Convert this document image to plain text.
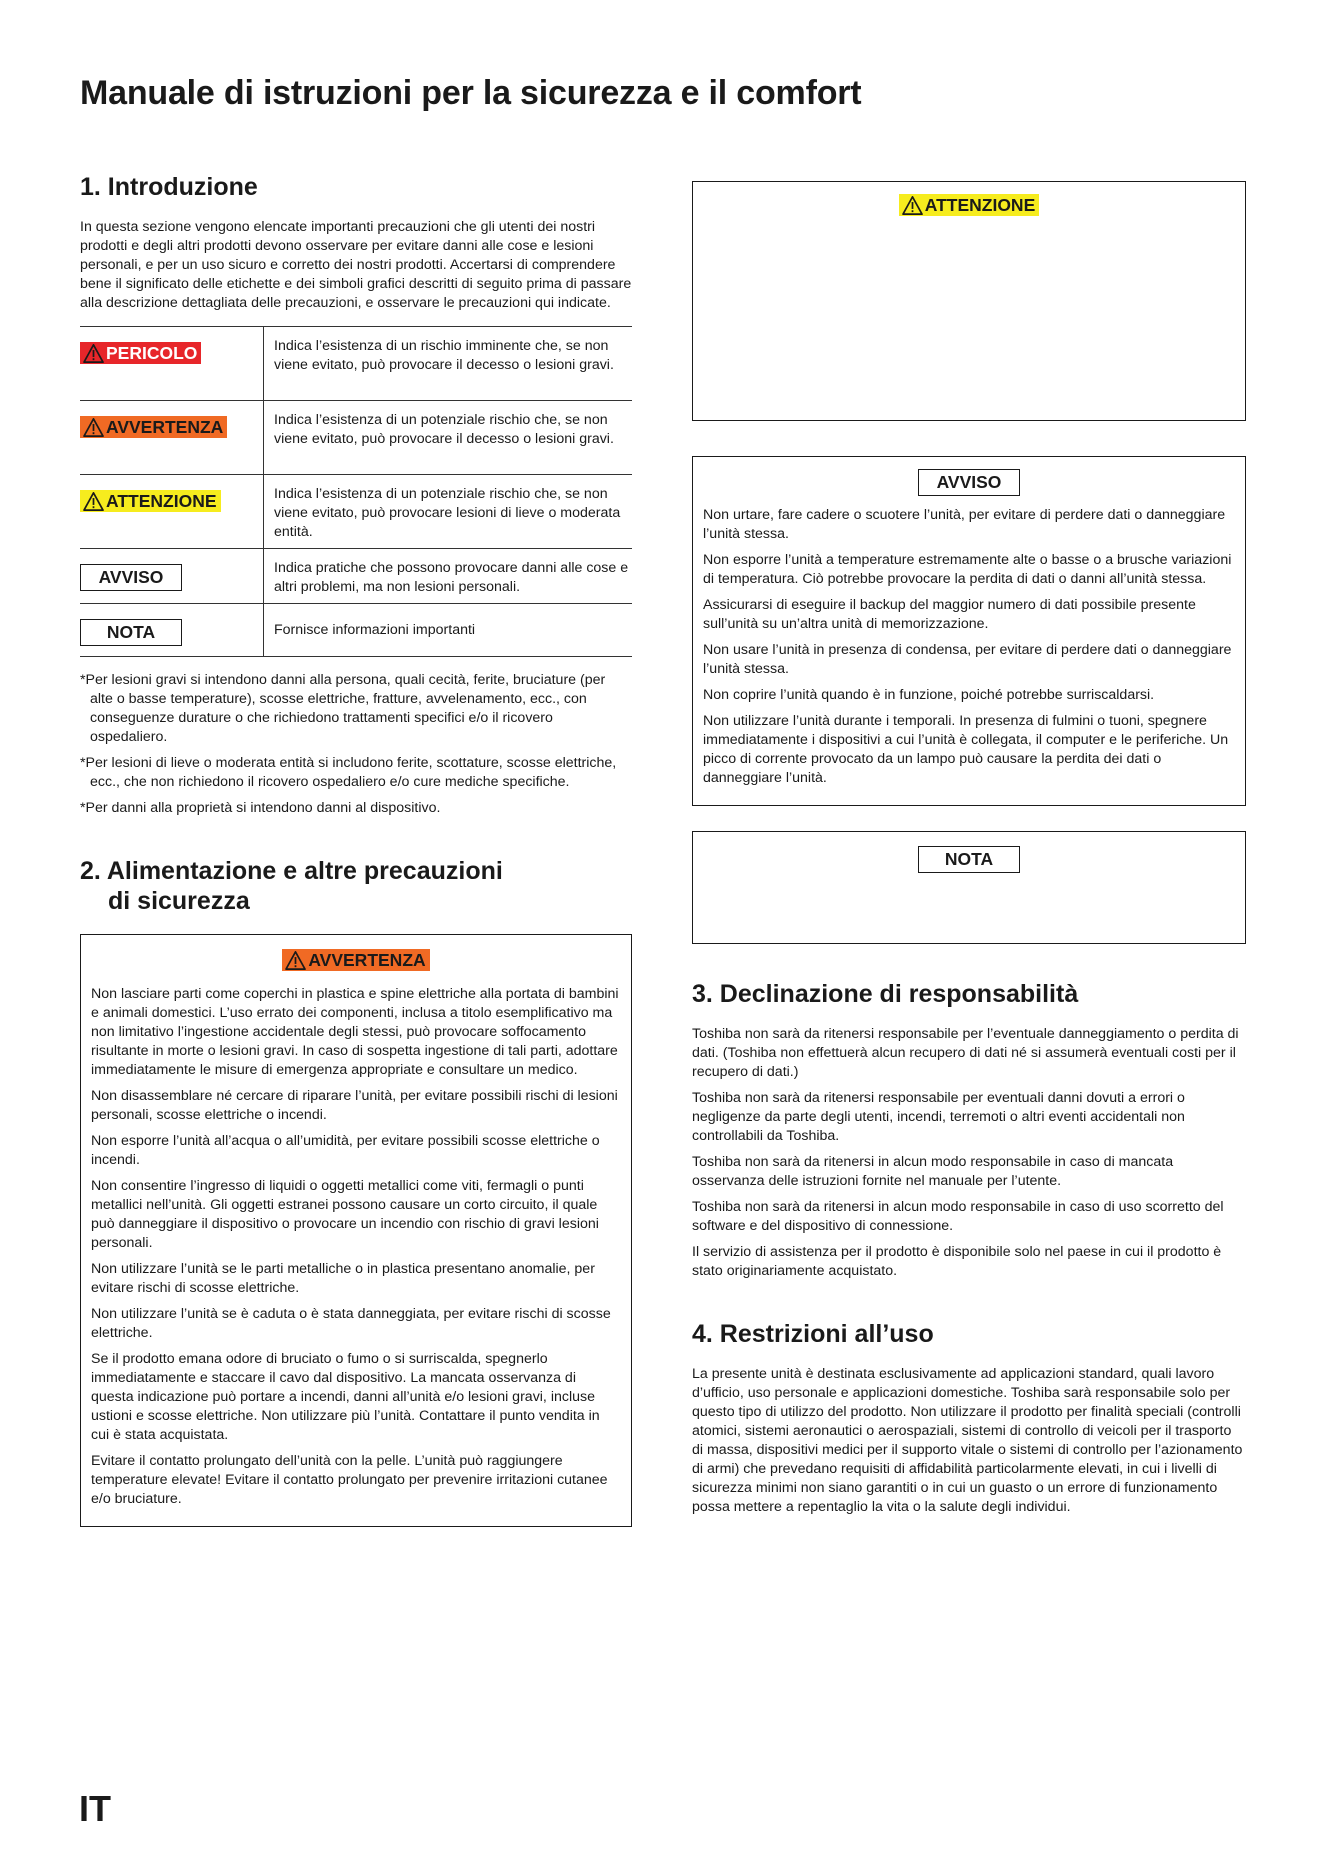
Manuale di istruzioni per la sicurezza e il comfort
1. Introduzione

In questa sezione vengono elencate importanti precauzioni che gli utenti dei nostri prodotti e degli altri prodotti devono osservare per evitare danni alle cose e lesioni personali, e per un uso sicuro e corretto dei nostri prodotti. Accertarsi di comprendere bene il significato delle etichette e dei simboli grafici descritti di seguito prima di passare alla descrizione dettagliata delle precauzioni, e osservare le precauzioni qui indicate.

PERICOLO	Indica l’esistenza di un rischio imminente che, se non viene evitato, può provocare il decesso o lesioni gravi.
AVVERTENZA	Indica l’esistenza di un potenziale rischio che, se non viene evitato, può provocare il decesso o lesioni gravi.
ATTENZIONE	Indica l’esistenza di un potenziale rischio che, se non viene evitato, può provocare lesioni di lieve o moderata entità.
AVVISO	Indica pratiche che possono provocare danni alle cose e altri problemi, ma non lesioni personali.
NOTA	Fornisce informazioni importanti

*Per lesioni gravi si intendono danni alla persona, quali cecità, ferite, bruciature (per alte o basse temperature), scosse elettriche, fratture, avvelenamento, ecc., con conseguenze durature o che richiedono trattamenti specifici e/o il ricovero ospedaliero.

*Per lesioni di lieve o moderata entità si includono ferite, scottature, scosse elettriche, ecc., che non richiedono il ricovero ospedaliero e/o cure mediche specifiche.

*Per danni alla proprietà si intendono danni al dispositivo.

2. Alimentazione e altre precauzioni
di sicurezza
AVVERTENZA

Non lasciare parti come coperchi in plastica e spine elettriche alla portata di bambini e animali domestici. L’uso errato dei componenti, inclusa a titolo esemplificativo ma non limitativo l’ingestione accidentale degli stessi, può provocare soffocamento risultante in morte o lesioni gravi. In caso di sospetta ingestione di tali parti, adottare immediatamente le misure di emergenza appropriate e consultare un medico.

Non disassemblare né cercare di riparare l’unità, per evitare possibili rischi di lesioni personali, scosse elettriche o incendi.

Non esporre l’unità all’acqua o all’umidità, per evitare possibili scosse elettriche o incendi.

Non consentire l’ingresso di liquidi o oggetti metallici come viti, fermagli o punti metallici nell’unità. Gli oggetti estranei possono causare un corto circuito, il quale può danneggiare il dispositivo o provocare un incendio con rischio di gravi lesioni personali.

Non utilizzare l’unità se le parti metalliche o in plastica presentano anomalie, per evitare rischi di scosse elettriche.

Non utilizzare l’unità se è caduta o è stata danneggiata, per evitare rischi di scosse elettriche.

Se il prodotto emana odore di bruciato o fumo o si surriscalda, spegnerlo immediatamente e staccare il cavo dal dispositivo. La mancata osservanza di questa indicazione può portare a incendi, danni all’unità e/o lesioni gravi, incluse ustioni e scosse elettriche. Non utilizzare più l’unità. Contattare il punto vendita in cui è stata acquistata.

Evitare il contatto prolungato dell’unità con la pelle. L’unità può raggiungere temperature elevate! Evitare il contatto prolungato per prevenire irritazioni cutanee e/o bruciature.

ATTENZIONE
AVVISO

Non urtare, fare cadere o scuotere l’unità, per evitare di perdere dati o danneggiare l’unità stessa.

Non esporre l’unità a temperature estremamente alte o basse o a brusche variazioni di temperatura. Ciò potrebbe provocare la perdita di dati o danni all’unità stessa.

Assicurarsi di eseguire il backup del maggior numero di dati possibile presente sull’unità su un’altra unità di memorizzazione.

Non usare l’unità in presenza di condensa, per evitare di perdere dati o danneggiare l’unità stessa.

Non coprire l’unità quando è in funzione, poiché potrebbe surriscaldarsi.

Non utilizzare l’unità durante i temporali. In presenza di fulmini o tuoni, spegnere immediatamente i dispositivi a cui l’unità è collegata, il computer e le periferiche. Un picco di corrente provocato da un lampo può causare la perdita dei dati o danneggiare l’unità.

NOTA
3. Declinazione di responsabilità

Toshiba non sarà da ritenersi responsabile per l’eventuale danneggiamento o perdita di dati. (Toshiba non effettuerà alcun recupero di dati né si assumerà eventuali costi per il recupero di dati.)

Toshiba non sarà da ritenersi responsabile per eventuali danni dovuti a errori o negligenze da parte degli utenti, incendi, terremoti o altri eventi accidentali non controllabili da Toshiba.

Toshiba non sarà da ritenersi in alcun modo responsabile in caso di mancata osservanza delle istruzioni fornite nel manuale per l’utente.

Toshiba non sarà da ritenersi in alcun modo responsabile in caso di uso scorretto del software e del dispositivo di connessione.

Il servizio di assistenza per il prodotto è disponibile solo nel paese in cui il prodotto è stato originariamente acquistato.

4. Restrizioni all’uso

La presente unità è destinata esclusivamente ad applicazioni standard, quali lavoro d’ufficio, uso personale e applicazioni domestiche. Toshiba sarà responsabile solo per questo tipo di utilizzo del prodotto. Non utilizzare il prodotto per finalità speciali (controlli atomici, sistemi aeronautici o aerospaziali, sistemi di controllo di veicoli per il trasporto di massa, dispositivi medici per il supporto vitale o sistemi di controllo per l’azionamento di armi) che prevedano requisiti di affidabilità particolarmente elevati, in cui i livelli di sicurezza minimi non siano garantiti o in cui un guasto o un errore di funzionamento possa mettere a repentaglio la vita o la salute degli individui.

IT
